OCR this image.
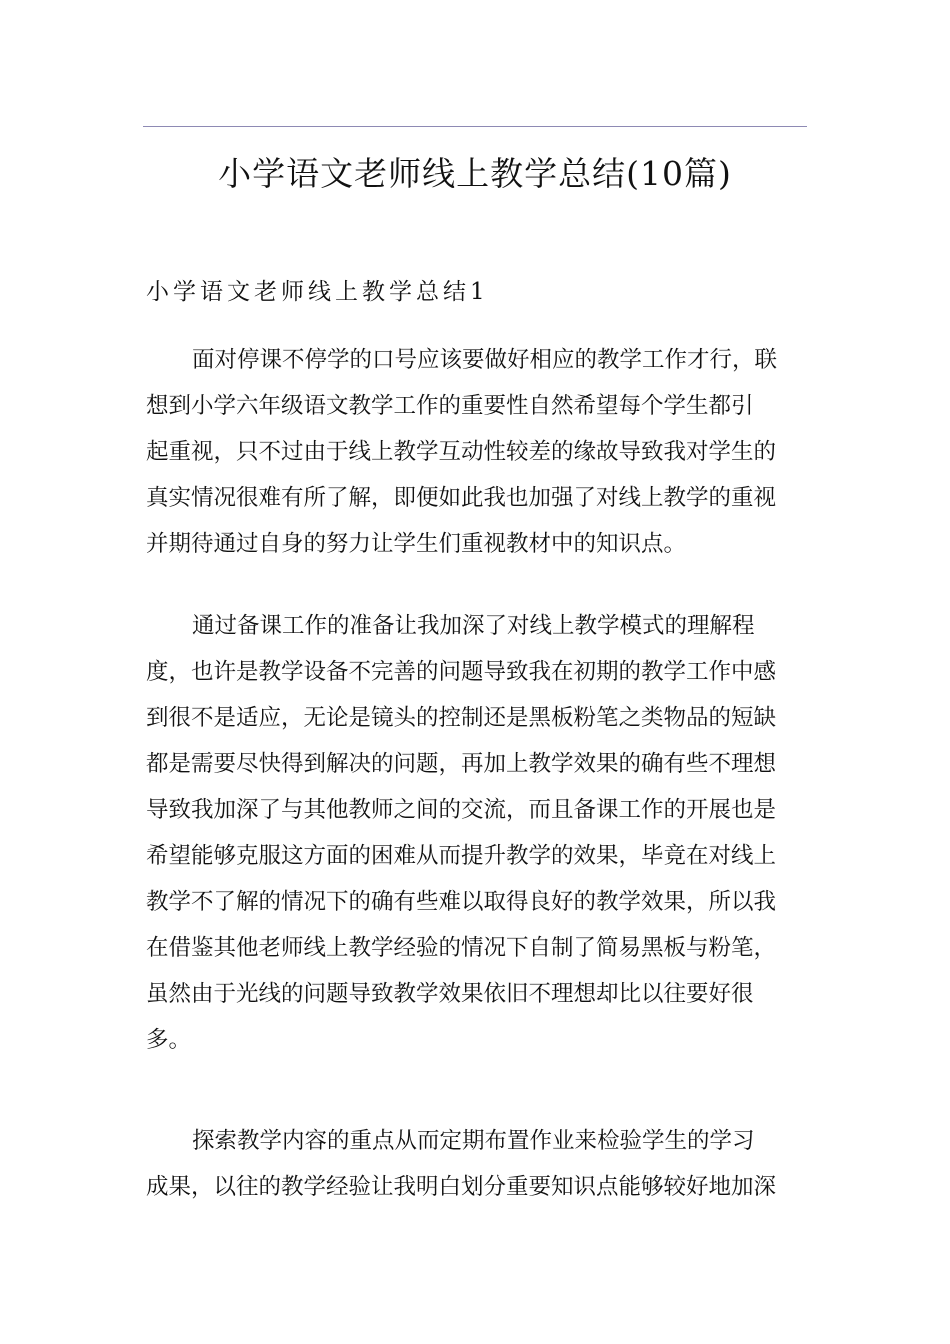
小学语文老师线上教学总结(10篇)
小学语文老师线上教学总结1
面对停课不停学的口号应该要做好相应的教学工作才行，联
想到小学六年级语文教学工作的重要性自然希望每个学生都引
起重视，只不过由于线上教学互动性较差的缘故导致我对学生的
真实情况很难有所了解，即便如此我也加强了对线上教学的重视
并期待通过自身的努力让学生们重视教材中的知识点。
通过备课工作的准备让我加深了对线上教学模式的理解程
度，也许是教学设备不完善的问题导致我在初期的教学工作中感
到很不是适应，无论是镜头的控制还是黑板粉笔之类物品的短缺
都是需要尽快得到解决的问题，再加上教学效果的确有些不理想
导致我加深了与其他教师之间的交流，而且备课工作的开展也是
希望能够克服这方面的困难从而提升教学的效果，毕竟在对线上
教学不了解的情况下的确有些难以取得良好的教学效果，所以我
在借鉴其他老师线上教学经验的情况下自制了简易黑板与粉笔，
虽然由于光线的问题导致教学效果依旧不理想却比以往要好很
多。
探索教学内容的重点从而定期布置作业来检验学生的学习
成果，以往的教学经验让我明白划分重要知识点能够较好地加深
